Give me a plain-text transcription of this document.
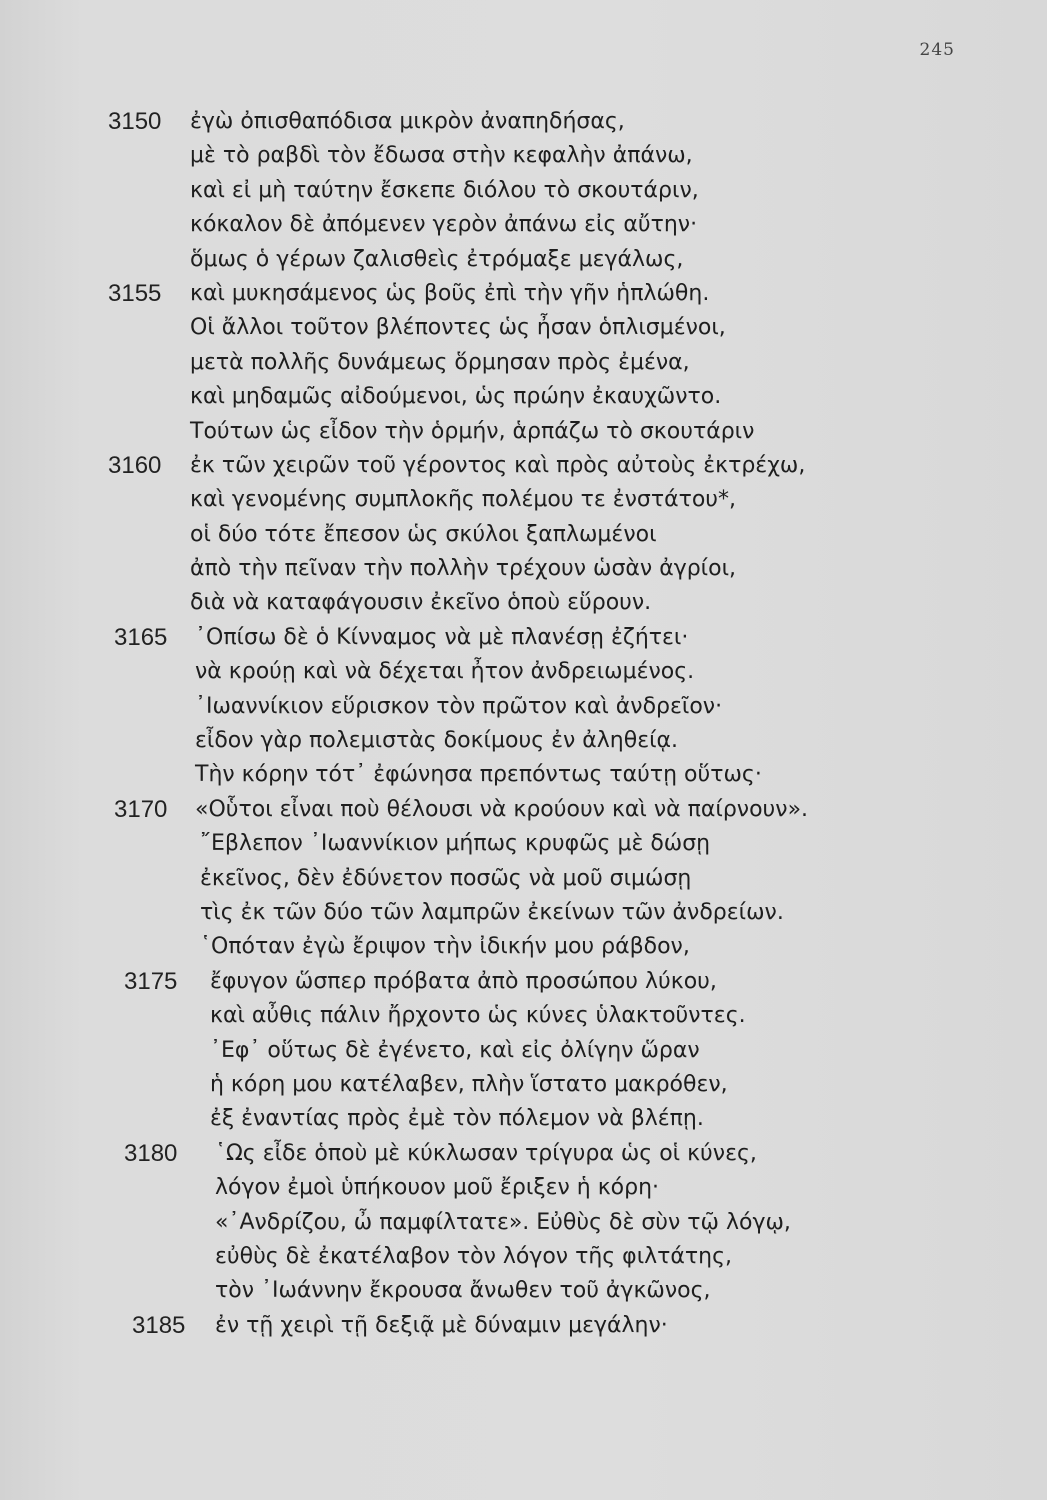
245
3150	ἐγὼ ὀπισθαπόδισα μικρὸν ἀναπηδήσας,
μὲ τὸ ραβδὶ τὸν ἔδωσα στὴν κεφαλὴν ἀπάνω,
καὶ εἰ μὴ ταύτην ἔσκεπε διόλου τὸ σκουτάριν,
κόκαλον δὲ ἀπόμενεν γερὸν ἀπάνω εἰς αὔτην·
ὅμως ὁ γέρων ζαλισθεὶς ἐτρόμαξε μεγάλως,
3155	καὶ μυκησάμενος ὡς βοῦς ἐπὶ τὴν γῆν ἡπλώθη.
Οἱ ἄλλοι τοῦτον βλέποντες ὡς ἦσαν ὁπλισμένοι,
μετὰ πολλῆς δυνάμεως ὅρμησαν πρὸς ἐμένα,
καὶ μηδαμῶς αἰδούμενοι, ὡς πρώην ἐκαυχῶντο.
Τούτων ὡς εἶδον τὴν ὁρμήν, ἁρπάζω τὸ σκουτάριν
3160	ἐκ τῶν χειρῶν τοῦ γέροντος καὶ πρὸς αὐτοὺς ἐκτρέχω,
καὶ γενομένης συμπλοκῆς πολέμου τε ἐνστάτου*,
οἱ δύο τότε ἔπεσον ὡς σκύλοι ξαπλωμένοι
ἀπὸ τὴν πεῖναν τὴν πολλὴν τρέχουν ὡσὰν ἀγρίοι,
διὰ νὰ καταφάγουσιν ἐκεῖνο ὁποὺ εὕρουν.
3165	᾿Οπίσω δὲ ὁ Κίνναμος νὰ μὲ πλανέσῃ ἐζήτει·
νὰ κρούῃ καὶ νὰ δέχεται ἦτον ἀνδρειωμένος.
᾿Ιωαννίκιον εὕρισκον τὸν πρῶτον καὶ ἀνδρεῖον·
εἶδον γὰρ πολεμιστὰς δοκίμους ἐν ἀληθείᾳ.
Τὴν κόρην τότ᾿ ἐφώνησα πρεπόντως ταύτῃ οὕτως·
3170	«Οὗτοι εἶναι ποὺ θέλουσι νὰ κρούουν καὶ νὰ παίρνουν».
῎Εβλεπον ᾿Ιωαννίκιον μήπως κρυφῶς μὲ δώσῃ
ἐκεῖνος, δὲν ἐδύνετον ποσῶς νὰ μοῦ σιμώσῃ
τὶς ἐκ τῶν δύο τῶν λαμπρῶν ἐκείνων τῶν ἀνδρείων.
῾Οπόταν ἐγὼ ἔριψον τὴν ἰδικήν μου ράβδον,
3175	ἔφυγον ὥσπερ πρόβατα ἀπὸ προσώπου λύκου,
καὶ αὖθις πάλιν ἤρχοντο ὡς κύνες ὑλακτοῦντες.
᾿Εφ᾿ οὕτως δὲ ἐγένετο, καὶ εἰς ὀλίγην ὥραν
ἡ κόρη μου κατέλαβεν, πλὴν ἵστατο μακρόθεν,
ἐξ ἐναντίας πρὸς ἐμὲ τὸν πόλεμον νὰ βλέπῃ.
3180	῾Ως εἶδε ὁποὺ μὲ κύκλωσαν τρίγυρα ὡς οἱ κύνες,
λόγον ἐμοὶ ὑπήκουον μοῦ ἔριξεν ἡ κόρη·
«᾿Ανδρίζου, ὦ παμφίλτατε». Εὐθὺς δὲ σὺν τῷ λόγῳ,
εὐθὺς δὲ ἐκατέλαβον τὸν λόγον τῆς φιλτάτης,
τὸν ᾿Ιωάννην ἔκρουσα ἄνωθεν τοῦ ἀγκῶνος,
3185	ἐν τῇ χειρὶ τῇ δεξιᾷ μὲ δύναμιν μεγάλην·
